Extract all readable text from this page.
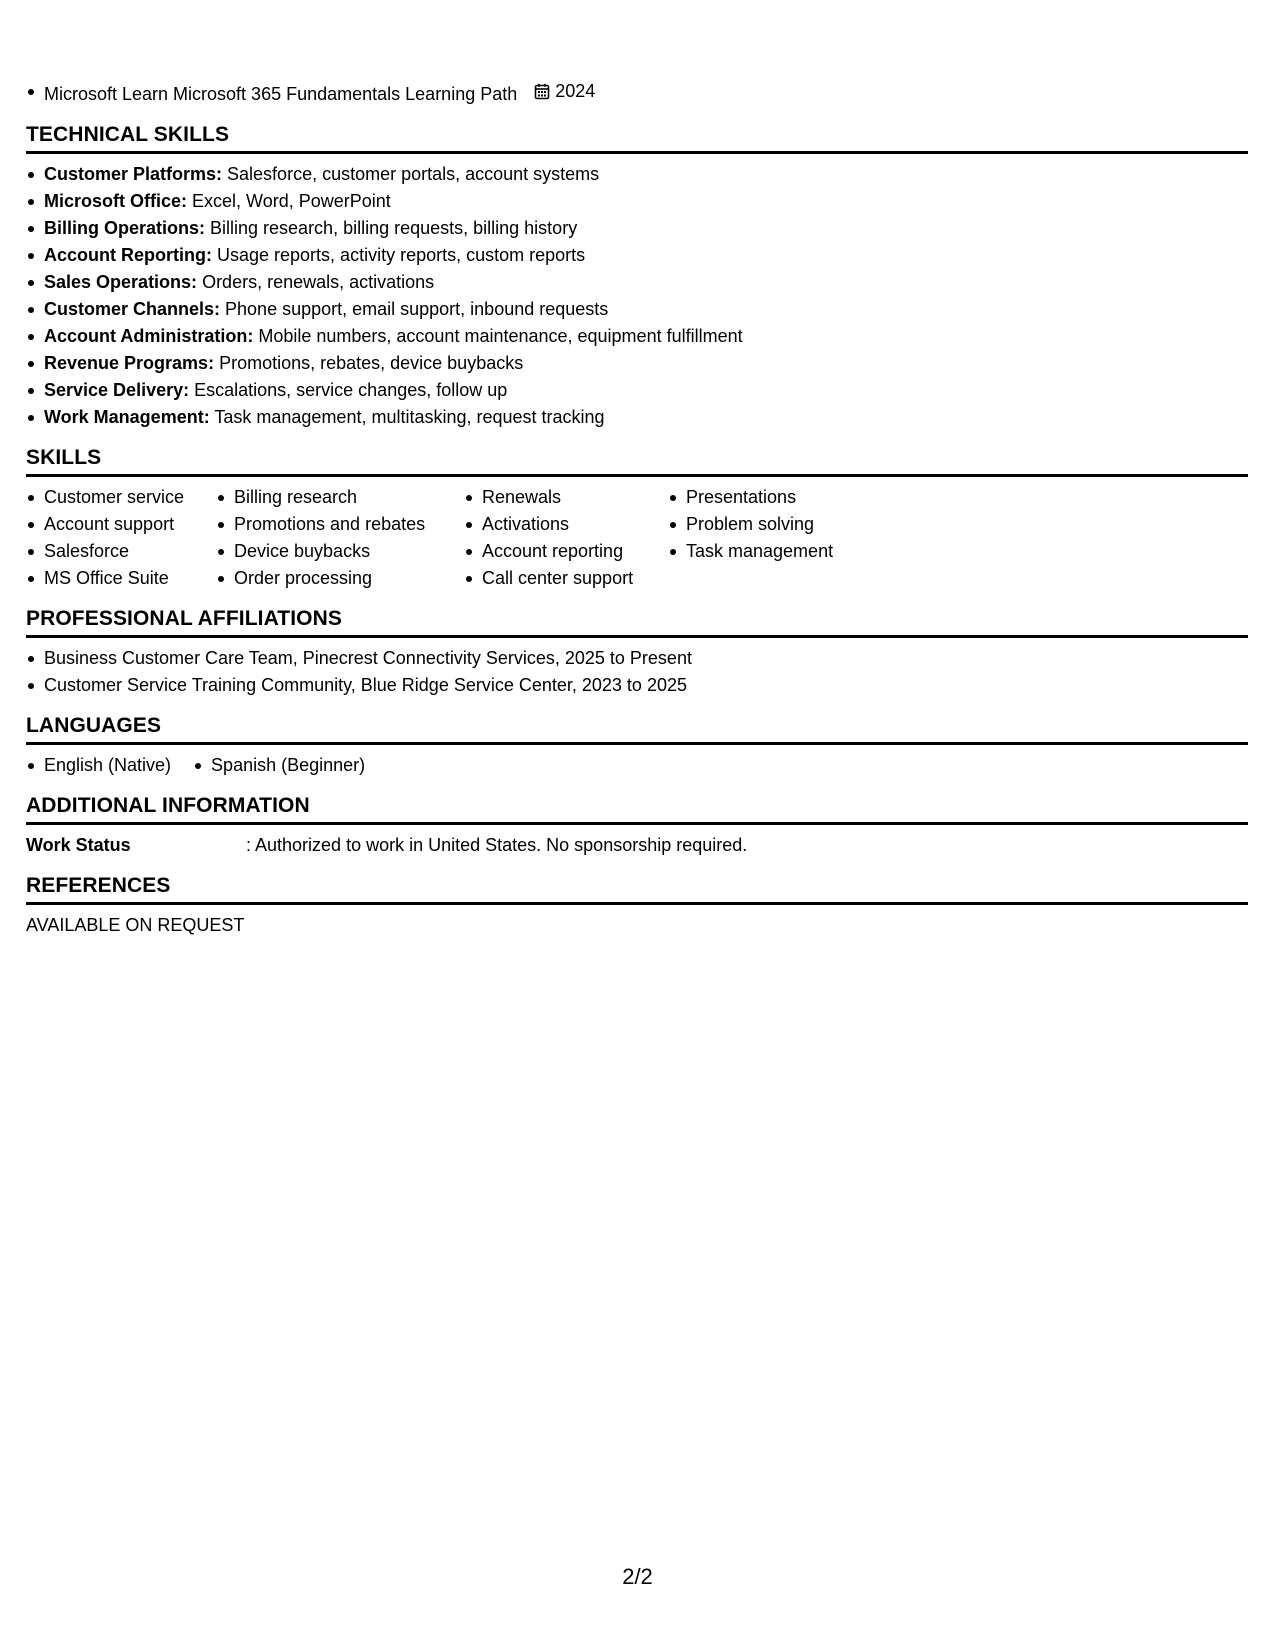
Microsoft Learn Microsoft 365 Fundamentals Learning Path 2024
TECHNICAL SKILLS
Customer Platforms: Salesforce, customer portals, account systems
Microsoft Office: Excel, Word, PowerPoint
Billing Operations: Billing research, billing requests, billing history
Account Reporting: Usage reports, activity reports, custom reports
Sales Operations: Orders, renewals, activations
Customer Channels: Phone support, email support, inbound requests
Account Administration: Mobile numbers, account maintenance, equipment fulfillment
Revenue Programs: Promotions, rebates, device buybacks
Service Delivery: Escalations, service changes, follow up
Work Management: Task management, multitasking, request tracking
SKILLS
Customer service
Account support
Salesforce
MS Office Suite
Billing research
Promotions and rebates
Device buybacks
Order processing
Renewals
Activations
Account reporting
Call center support
Presentations
Problem solving
Task management
PROFESSIONAL AFFILIATIONS
Business Customer Care Team, Pinecrest Connectivity Services, 2025 to Present
Customer Service Training Community, Blue Ridge Service Center, 2023 to 2025
LANGUAGES
English (Native)	Spanish (Beginner)
ADDITIONAL INFORMATION
Work Status	: Authorized to work in United States. No sponsorship required.
REFERENCES
AVAILABLE ON REQUEST
2/2
